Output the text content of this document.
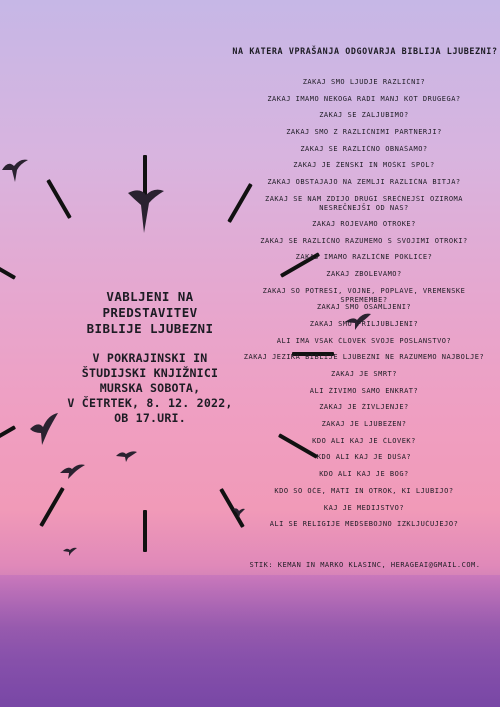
NA KATERA VPRAŠANJA ODGOVARJA BIBLIJA LJUBEZNI?
ZAKAJ SMO LJUDJE RAZLIČNI?
ZAKAJ IMAMO NEKOGA RADI MANJ KOT DRUGEGA?
ZAKAJ SE ZALJUBIMO?
ZAKAJ SMO Z RAZLIČNIMI PARTNERJI?
ZAKAJ SE RAZLIČNO OBNAŠAMO?
ZAKAJ JE ŽENSKI IN MOŠKI SPOL?
ZAKAJ OBSTAJAJO NA ZEMLJI RAZLIČNA BITJA?
ZAKAJ SE NAM ZDIJO DRUGI SREČNEJŠI OZIROMA NESREČNEJŠI OD NAS?
ZAKAJ ROJEVAMO OTROKE?
ZAKAJ SE RAZLIČNO RAZUMEMO S SVOJIMI OTROKI?
ZAKAJ IMAMO RAZLIČNE POKLICE?
ZAKAJ ZBOLEVAMO?
ZAKAJ SO POTRESI, VOJNE, POPLAVE, VREMENSKE SPREMEMBE?
ZAKAJ SMO OSAMLJENI?
ZAKAJ SMO PRILJUBLJENI?
ALI IMA VSAK ČLOVEK SVOJE POSLANSTVO?
ZAKAJ JEZIKA BIBLIJE LJUBEZNI NE RAZUMEMO NAJBOLJE?
ZAKAJ JE SMRT?
ALI ŽIVIMO SAMO ENKRAT?
ZAKAJ JE ŽIVLJENJE?
ZAKAJ JE LJUBEZEN?
KDO ALI KAJ JE ČLOVEK?
KDO ALI KAJ JE DUŠA?
KDO ALI KAJ JE BOG?
KDO SO OČE, MATI IN OTROK, KI LJUBIJO?
KAJ JE MEDIJSTVO?
ALI SE RELIGIJE MEDSEBOJNO IZKLJUČUJEJO?
VABLJENI NA
PREDSTAVITEV
BIBLIJE LJUBEZNI
V POKRAJINSKI IN
ŠTUDIJSKI KNJIŽNICI
MURSKA SOBOTA,
V ČETRTEK, 8. 12. 2022,
OB 17.URI.
STIK: KEMAN IN MARKO KLASINC, HERAGEAI@GMAIL.COM.
